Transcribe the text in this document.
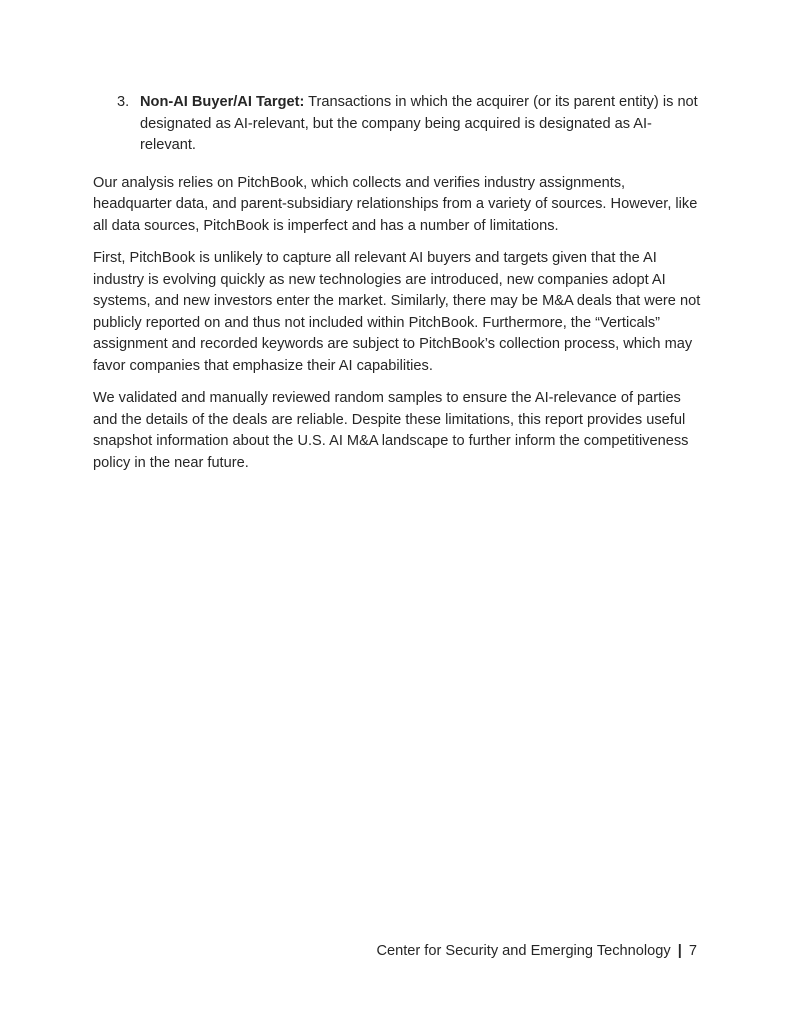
3. Non-AI Buyer/AI Target: Transactions in which the acquirer (or its parent entity) is not designated as AI-relevant, but the company being acquired is designated as AI-relevant.

Our analysis relies on PitchBook, which collects and verifies industry assignments, headquarter data, and parent-subsidiary relationships from a variety of sources. However, like all data sources, PitchBook is imperfect and has a number of limitations.

First, PitchBook is unlikely to capture all relevant AI buyers and targets given that the AI industry is evolving quickly as new technologies are introduced, new companies adopt AI systems, and new investors enter the market. Similarly, there may be M&A deals that were not publicly reported on and thus not included within PitchBook. Furthermore, the “Verticals” assignment and recorded keywords are subject to PitchBook’s collection process, which may favor companies that emphasize their AI capabilities.

We validated and manually reviewed random samples to ensure the AI-relevance of parties and the details of the deals are reliable. Despite these limitations, this report provides useful snapshot information about the U.S. AI M&A landscape to further inform the competitiveness policy in the near future.

Center for Security and Emerging Technology | 7
